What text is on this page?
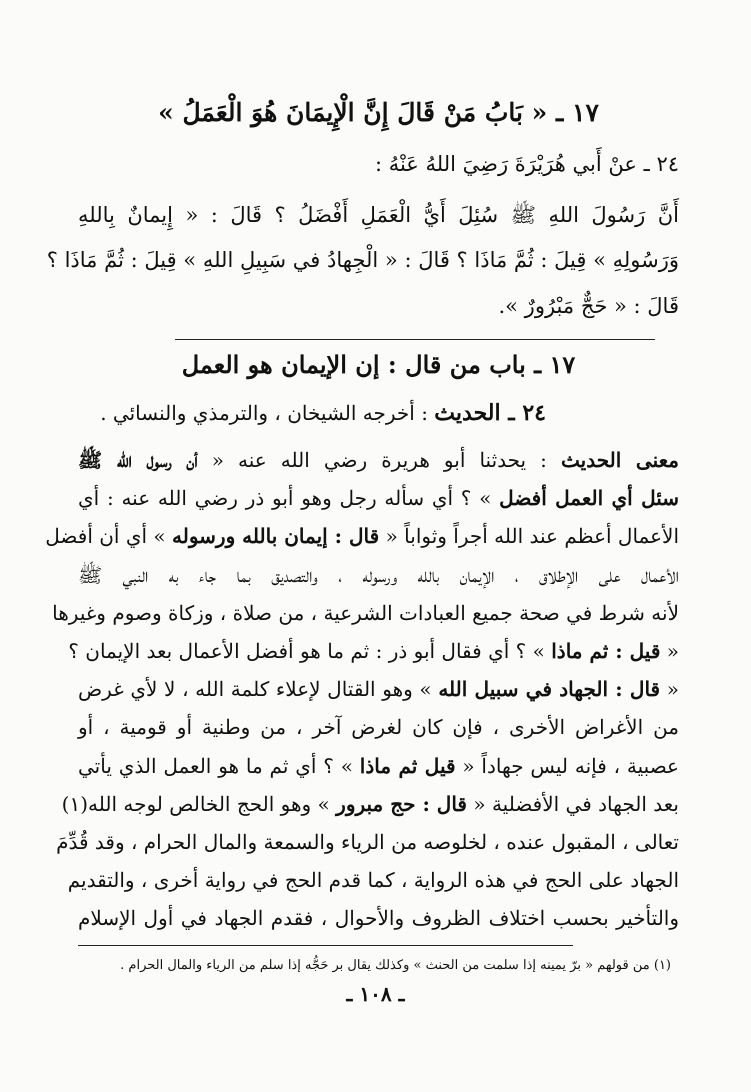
١٧ ـ « بَابُ مَنْ قَالَ إِنَّ الْإِيمَانَ هُوَ الْعَمَلُ »
٢٤ ـ عنْ أَبي هُرَيْرَةَ رَضِيَ اللهُ عَنْهُ :
أَنَّ رَسُولَ اللهِ ﷺ سُئِلَ أَيُّ الْعَمَلِ أَفْضَلُ ؟ قَالَ : « إِيمانٌ بِاللهِ
وَرَسُولِهِ » قِيلَ : ثُمَّ مَاذَا ؟ قَالَ : « الْجِهادُ في سَبِيلِ اللهِ » قِيلَ : ثُمَّ مَاذَا ؟
قَالَ : « حَجٌّ مَبْرُورٌ ».
١٧ ـ باب من قال : إن الإيمان هو العمل
٢٤ ـ الحديث : أخرجه الشيخان ، والترمذي والنسائي .
معنى الحديث : يحدثنا أبو هريرة رضي الله عنه « أن رسول الله ﷺ
سئل أي العمل أفضل » ؟ أي سأله رجل وهو أبو ذر رضي الله عنه : أي
الأعمال أعظم عند الله أجراً وثواباً « قال : إيمان بالله ورسوله » أي أن أفضل
الأعمال على الإطلاق ، الإيمان بالله ورسوله ، والتصديق بما جاء به النبي ﷺ
لأنه شرط في صحة جميع العبادات الشرعية ، من صلاة ، وزكاة وصوم وغيرها
« قيل : ثم ماذا » ؟ أي فقال أبو ذر : ثم ما هو أفضل الأعمال بعد الإيمان ؟
« قال : الجهاد في سبيل الله » وهو القتال لإعلاء كلمة الله ، لا لأي غرض
من الأغراض الأخرى ، فإن كان لغرض آخر ، من وطنية أو قومية ، أو
عصبية ، فإنه ليس جهاداً « قيل ثم ماذا » ؟ أي ثم ما هو العمل الذي يأتي
بعد الجهاد في الأفضلية « قال : حج مبرور » وهو الحج الخالص لوجه الله(١)
تعالى ، المقبول عنده ، لخلوصه من الرياء والسمعة والمال الحرام ، وقد قُدِّمَ
الجهاد على الحج في هذه الرواية ، كما قدم الحج في رواية أخرى ، والتقديم
والتأخير بحسب اختلاف الظروف والأحوال ، فقدم الجهاد في أول الإسلام
(١) من قولهم « برّ يمينه إذا سلمت من الحنث » وكذلك يقال بر حَجُّه إذا سلم من الرياء والمال الحرام .
ـ ١٠٨ ـ
